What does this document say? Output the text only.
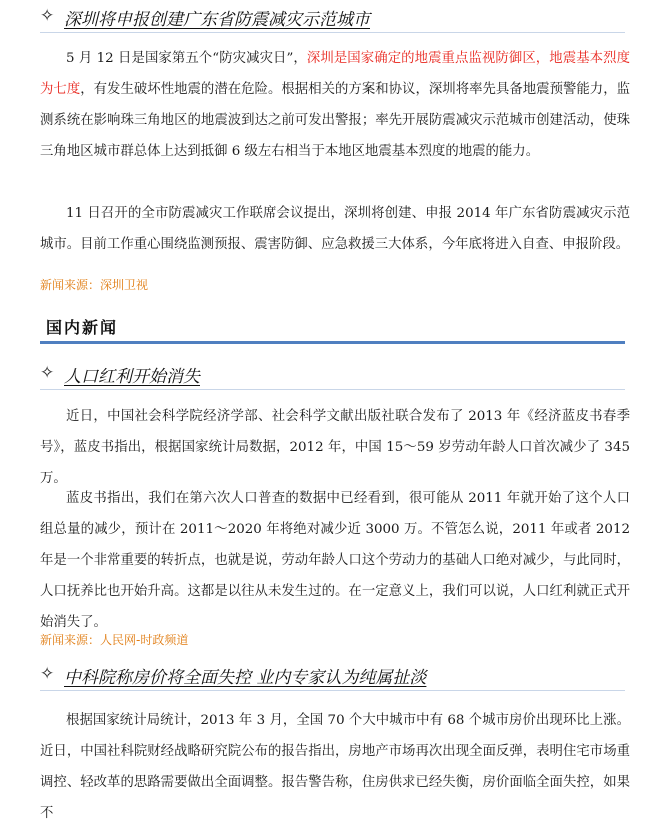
✧ 深圳将申报创建广东省防震减灾示范城市

5 月 12 日是国家第五个“防灾减灾日”，深圳是国家确定的地震重点监视防御区，地震基本烈度为七度，有发生破坏性地震的潜在危险。根据相关的方案和协议，深圳将率先具备地震预警能力，监测系统在影响珠三角地区的地震波到达之前可发出警报；率先开展防震减灾示范城市创建活动，使珠三角地区城市群总体上达到抵御 6 级左右相当于本地区地震基本烈度的地震的能力。

11 日召开的全市防震减灾工作联席会议提出，深圳将创建、申报 2014 年广东省防震减灾示范城市。目前工作重心围绕监测预报、震害防御、应急救援三大体系，今年底将进入自查、申报阶段。

新闻来源：深圳卫视
国内新闻
✧ 人口红利开始消失

近日，中国社会科学院经济学部、社会科学文献出版社联合发布了 2013 年《经济蓝皮书春季号》，蓝皮书指出，根据国家统计局数据，2012 年，中国 15～59 岁劳动年龄人口首次减少了 345 万。

蓝皮书指出，我们在第六次人口普查的数据中已经看到，很可能从 2011 年就开始了这个人口组总量的减少，预计在 2011～2020 年将绝对减少近 3000 万。不管怎么说，2011 年或者 2012 年是一个非常重要的转折点，也就是说，劳动年龄人口这个劳动力的基础人口绝对减少，与此同时，人口抚养比也开始升高。这都是以往从未发生过的。在一定意义上，我们可以说，人口红利就正式开始消失了。

新闻来源：人民网-时政频道
✧ 中科院称房价将全面失控 业内专家认为纯属扯淡

根据国家统计局统计，2013 年 3 月，全国 70 个大中城市中有 68 个城市房价出现环比上涨。近日，中国社科院财经战略研究院公布的报告指出，房地产市场再次出现全面反弹，表明住宅市场重调控、轻改革的思路需要做出全面调整。报告警告称，住房供求已经失衡，房价面临全面失控，如果不
